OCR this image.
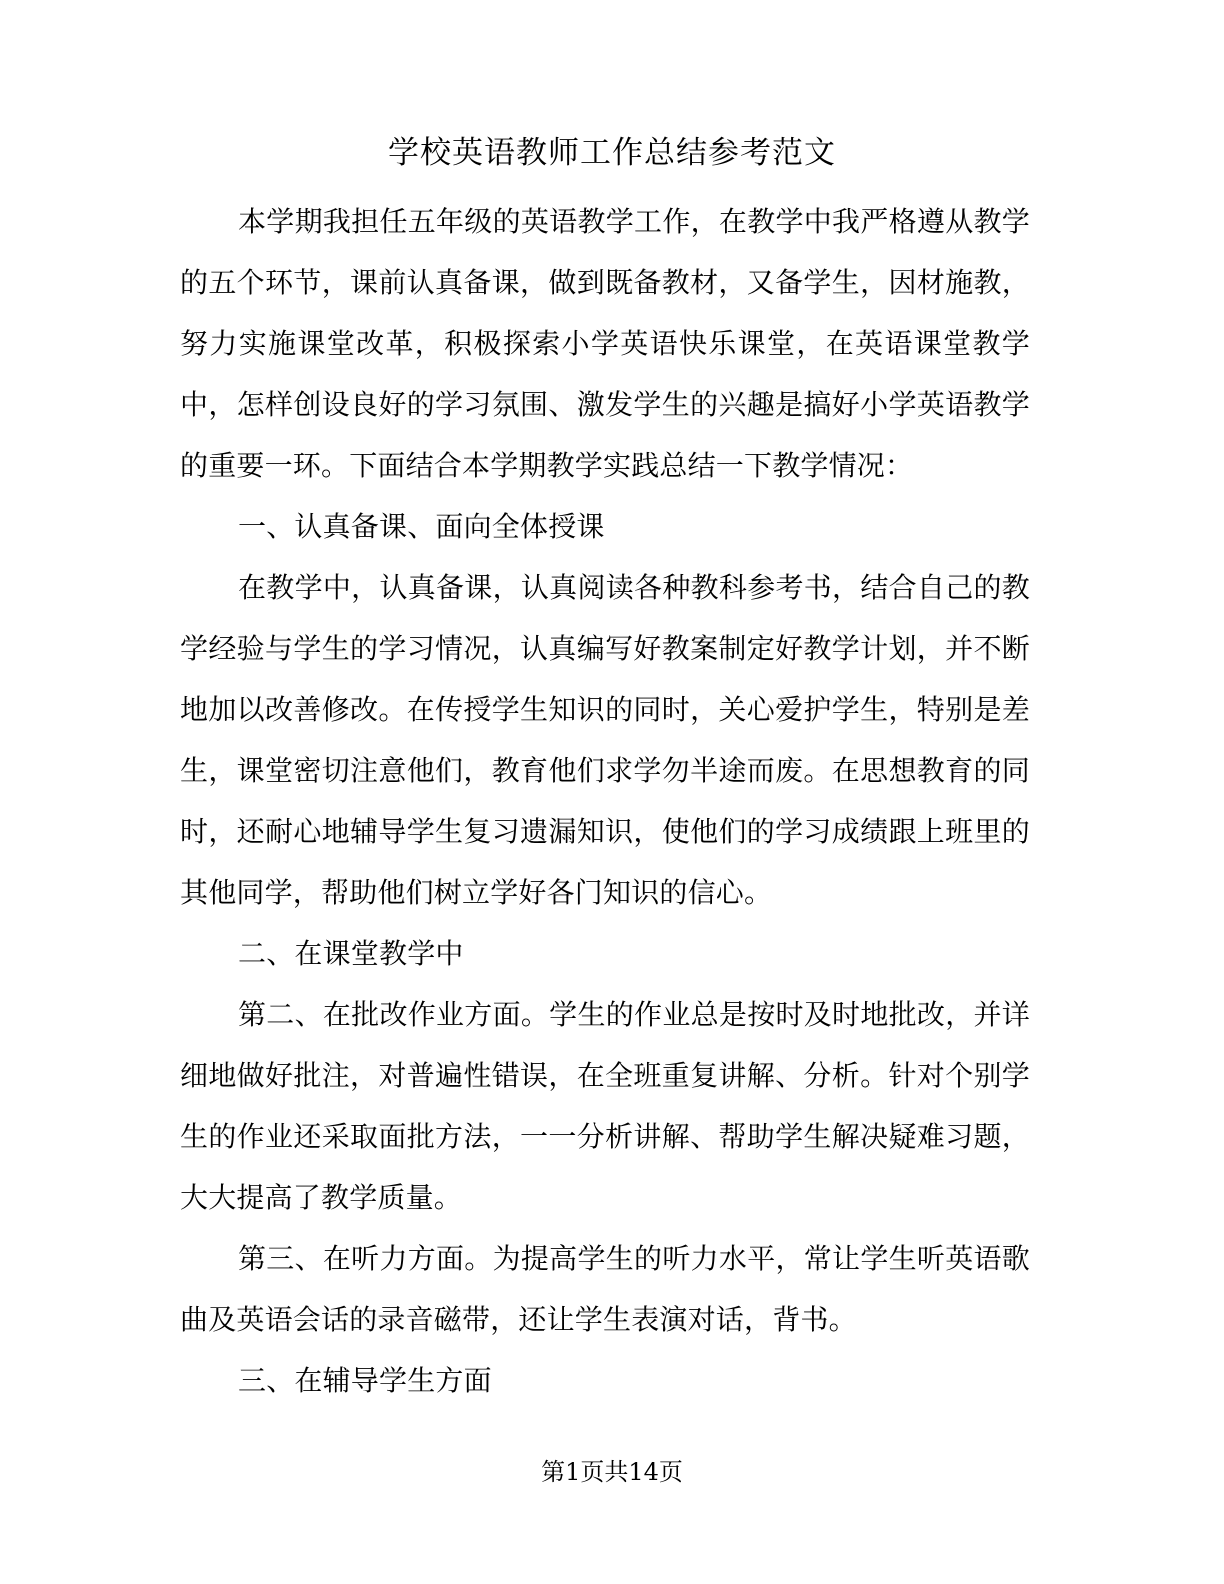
学校英语教师工作总结参考范文

本学期我担任五年级的英语教学工作，在教学中我严格遵从教学的五个环节，课前认真备课，做到既备教材，又备学生，因材施教，努力实施课堂改革，积极探索小学英语快乐课堂，在英语课堂教学中，怎样创设良好的学习氛围、激发学生的兴趣是搞好小学英语教学的重要一环。下面结合本学期教学实践总结一下教学情况：

一、认真备课、面向全体授课

在教学中，认真备课，认真阅读各种教科参考书，结合自己的教学经验与学生的学习情况，认真编写好教案制定好教学计划，并不断地加以改善修改。在传授学生知识的同时，关心爱护学生，特别是差生，课堂密切注意他们，教育他们求学勿半途而废。在思想教育的同时，还耐心地辅导学生复习遗漏知识，使他们的学习成绩跟上班里的其他同学，帮助他们树立学好各门知识的信心。

二、在课堂教学中

第二、在批改作业方面。学生的作业总是按时及时地批改，并详细地做好批注，对普遍性错误，在全班重复讲解、分析。针对个别学生的作业还采取面批方法，一一分析讲解、帮助学生解决疑难习题，大大提高了教学质量。

第三、在听力方面。为提高学生的听力水平，常让学生听英语歌曲及英语会话的录音磁带，还让学生表演对话，背书。

三、在辅导学生方面

第1页共14页
